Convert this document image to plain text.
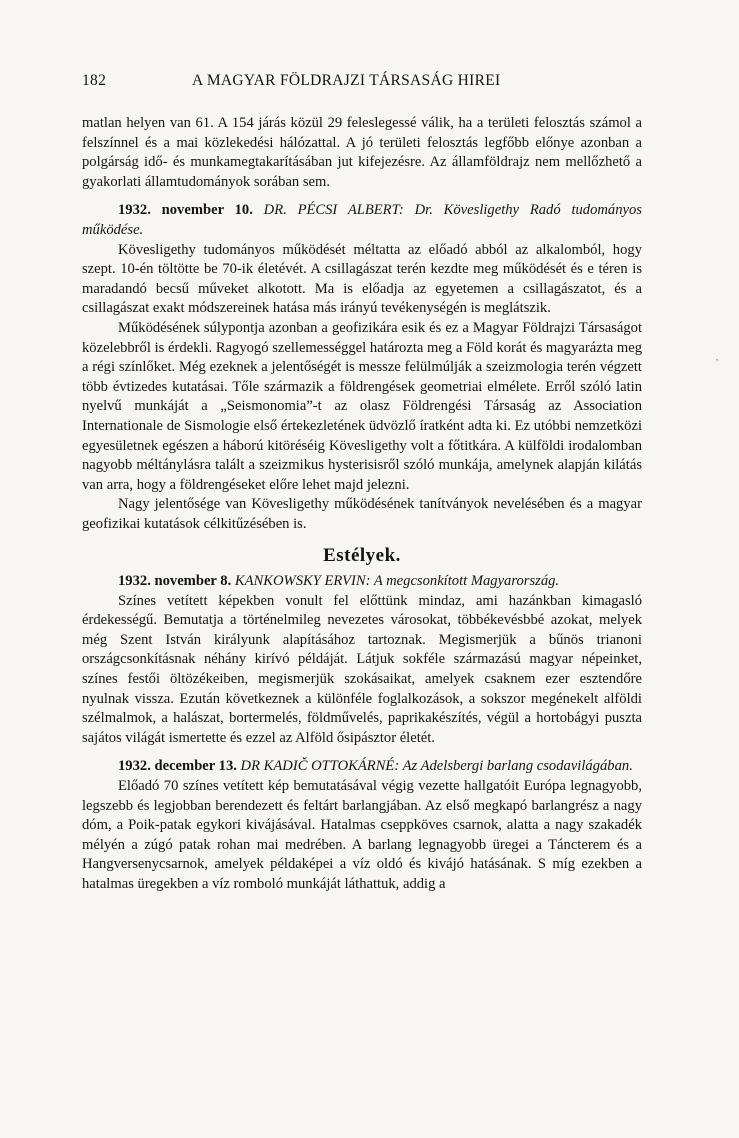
182	A MAGYAR FÖLDRAJZI TÁRSASÁG HIREI
,

matlan helyen van 61. A 154 járás közül 29 feleslegessé válik, ha a területi felosztás számol a felszínnel és a mai közlekedési hálózattal. A jó területi felosztás legfőbb előnye azonban a polgárság idő- és munkamegtakarításában jut kifejezésre. Az államföldrajz nem mellőzhető a gyakorlati államtudományok sorában sem.

1932. november 10. DR. PÉCSI ALBERT: Dr. Kövesligethy Radó tudományos működése.

Kövesligethy tudományos működését méltatta az előadó abból az alkalomból, hogy szept. 10-én töltötte be 70-ik életévét. A csillagászat terén kezdte meg működését és e téren is maradandó becsű műveket alkotott. Ma is előadja az egyetemen a csillagászatot, és a csillagászat exakt módszereinek hatása más irányú tevékenységén is meglátszik.

Működésének súlypontja azonban a geofizikára esik és ez a Magyar Földrajzi Társaságot közelebbről is érdekli. Ragyogó szellemességgel határozta meg a Föld korát és magyarázta meg a régi színlőket. Még ezeknek a jelentőségét is messze felülmúlják a szeizmologia terén végzett több évtizedes kutatásai. Tőle származik a földrengések geometriai elmélete. Erről szóló latin nyelvű munkáját a „Seismonomia”-t az olasz Földrengési Társaság az Association Internationale de Sismologie első értekezletének üdvözlő íratként adta ki. Ez utóbbi nemzetközi egyesületnek egészen a háború kitöréséig Kövesligethy volt a főtitkára. A külföldi irodalomban nagyobb méltánylásra talált a szeizmikus hysterisisről szóló munkája, amelynek alapján kilátás van arra, hogy a földrengéseket előre lehet majd jelezni.

Nagy jelentősége van Kövesligethy működésének tanítványok nevelésében és a magyar geofizikai kutatások célkitűzésében is.

Estélyek.

1932. november 8. KANKOWSKY ERVIN: A megcsonkított Magyarország.

Színes vetített képekben vonult fel előttünk mindaz, ami hazánkban kimagasló érdekességű. Bemutatja a történelmileg nevezetes városokat, többékevésbbé azokat, melyek még Szent István királyunk alapításához tartoznak. Megismerjük a bűnös trianoni országcsonkításnak néhány kirívó példáját. Látjuk sokféle származású magyar népeinket, színes festői öltözékeiben, megismerjük szokásaikat, amelyek csaknem ezer esztendőre nyulnak vissza. Ezután következnek a különféle foglalkozások, a sokszor megénekelt alföldi szélmalmok, a halászat, bortermelés, földművelés, paprikakészítés, végül a hortobágyi puszta sajátos világát ismertette és ezzel az Alföld ősipásztor életét.

1932. december 13. DR KADIČ OTTOKÁRNÉ: Az Adelsbergi barlang csodavilágában.

Előadó 70 színes vetített kép bemutatásával végig vezette hallgatóit Európa legnagyobb, legszebb és legjobban berendezett és feltárt barlangjában. Az első megkapó barlangrész a nagy dóm, a Poik-patak egykori kivájásával. Hatalmas cseppköves csarnok, alatta a nagy szakadék mélyén a zúgó patak rohan mai medrében. A barlang legnagyobb üregei a Táncterem és a Hangversenycsarnok, amelyek példaképei a víz oldó és kivájó hatásának. S míg ezekben a hatalmas üregekben a víz romboló munkáját láthattuk, addig a
